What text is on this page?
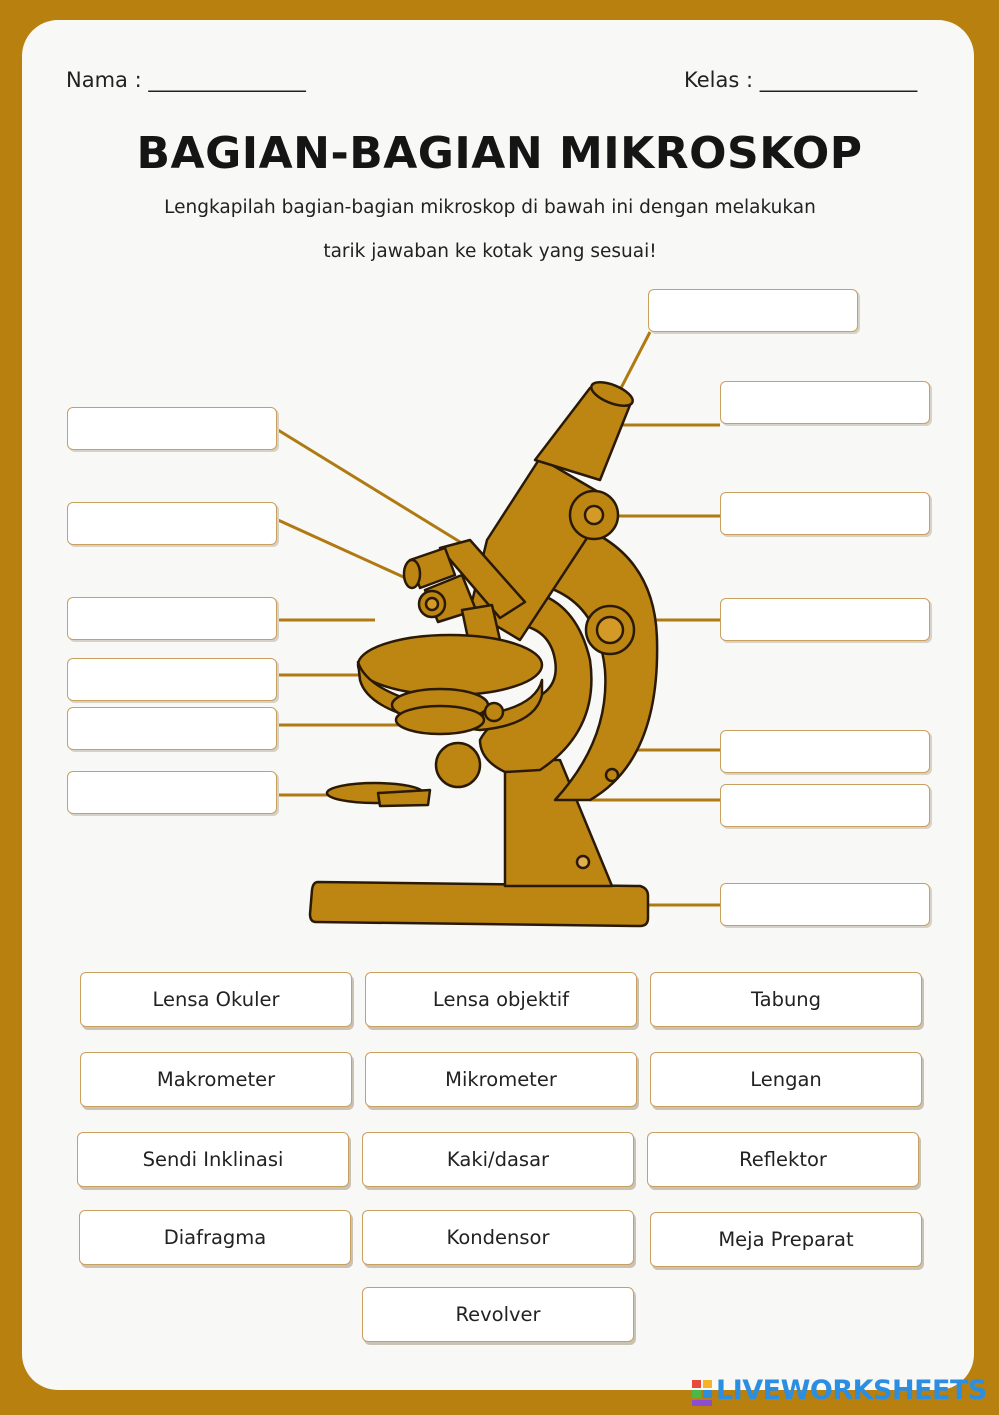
Nama : _______________	Kelas : _______________
BAGIAN-BAGIAN MIKROSKOP
Lengkapilah bagian-bagian mikroskop di bawah ini dengan melakukan
tarik jawaban ke kotak yang sesuai!
Lensa Okuler	Lensa objektif	Tabung
Makrometer	Mikrometer	Lengan
Sendi Inklinasi	Kaki/dasar	Reflektor
Diafragma	Kondensor	Meja Preparat
Revolver
LIVEWORKSHEETS
